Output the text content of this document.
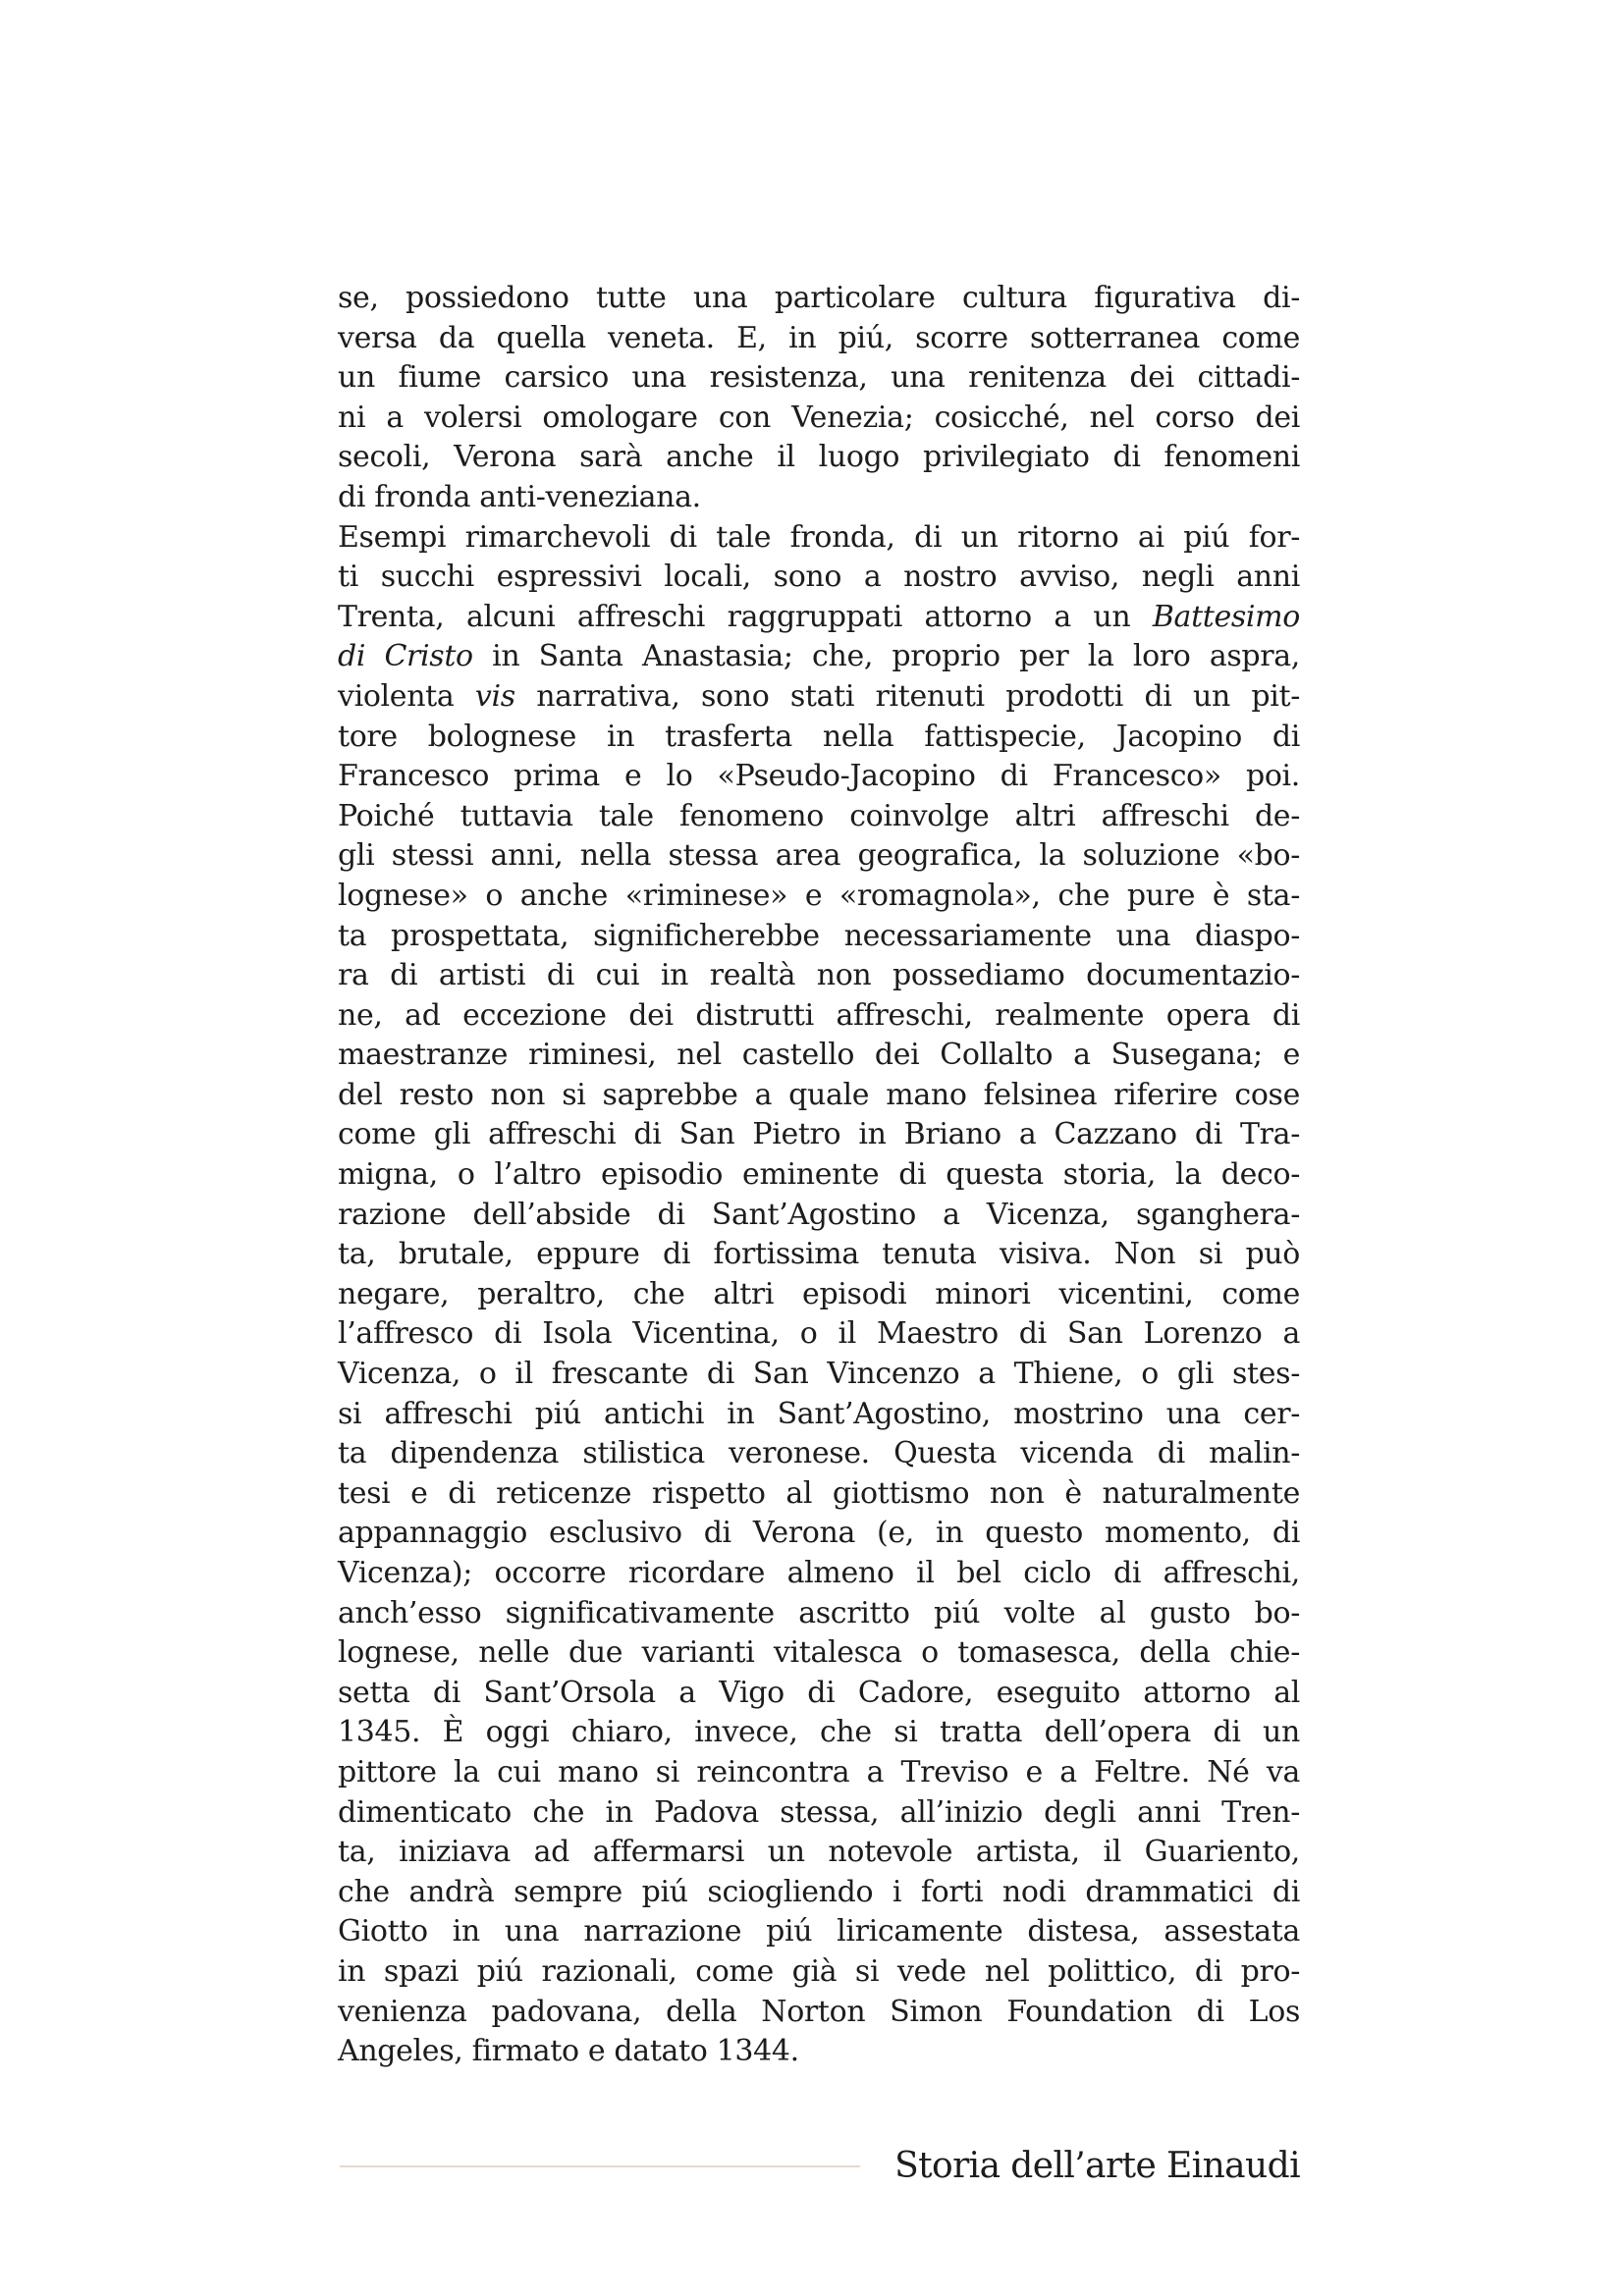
se, possiedono tutte una particolare cultura figurativa di-
versa da quella veneta. E, in piú, scorre sotterranea come
un fiume carsico una resistenza, una renitenza dei cittadi-
ni a volersi omologare con Venezia; cosicché, nel corso dei
secoli, Verona sarà anche il luogo privilegiato di fenomeni
di fronda anti-veneziana.
Esempi rimarchevoli di tale fronda, di un ritorno ai piú for-
ti succhi espressivi locali, sono a nostro avviso, negli anni
Trenta, alcuni affreschi raggruppati attorno a un Battesimo
di Cristo in Santa Anastasia; che, proprio per la loro aspra,
violenta vis narrativa, sono stati ritenuti prodotti di un pit-
tore bolognese in trasferta nella fattispecie, Jacopino di
Francesco prima e lo «Pseudo-Jacopino di Francesco» poi.
Poiché tuttavia tale fenomeno coinvolge altri affreschi de-
gli stessi anni, nella stessa area geografica, la soluzione «bo-
lognese» o anche «riminese» e «romagnola», che pure è sta-
ta prospettata, significherebbe necessariamente una diaspo-
ra di artisti di cui in realtà non possediamo documentazio-
ne, ad eccezione dei distrutti affreschi, realmente opera di
maestranze riminesi, nel castello dei Collalto a Susegana; e
del resto non si saprebbe a quale mano felsinea riferire cose
come gli affreschi di San Pietro in Briano a Cazzano di Tra-
migna, o l’altro episodio eminente di questa storia, la deco-
razione dell’abside di Sant’Agostino a Vicenza, sganghera-
ta, brutale, eppure di fortissima tenuta visiva. Non si può
negare, peraltro, che altri episodi minori vicentini, come
l’affresco di Isola Vicentina, o il Maestro di San Lorenzo a
Vicenza, o il frescante di San Vincenzo a Thiene, o gli stes-
si affreschi piú antichi in Sant’Agostino, mostrino una cer-
ta dipendenza stilistica veronese. Questa vicenda di malin-
tesi e di reticenze rispetto al giottismo non è naturalmente
appannaggio esclusivo di Verona (e, in questo momento, di
Vicenza); occorre ricordare almeno il bel ciclo di affreschi,
anch’esso significativamente ascritto piú volte al gusto bo-
lognese, nelle due varianti vitalesca o tomasesca, della chie-
setta di Sant’Orsola a Vigo di Cadore, eseguito attorno al
1345. È oggi chiaro, invece, che si tratta dell’opera di un
pittore la cui mano si reincontra a Treviso e a Feltre. Né va
dimenticato che in Padova stessa, all’inizio degli anni Tren-
ta, iniziava ad affermarsi un notevole artista, il Guariento,
che andrà sempre piú sciogliendo i forti nodi drammatici di
Giotto in una narrazione piú liricamente distesa, assestata
in spazi piú razionali, come già si vede nel polittico, di pro-
venienza padovana, della Norton Simon Foundation di Los
Angeles, firmato e datato 1344.
Storia dell’arte Einaudi
